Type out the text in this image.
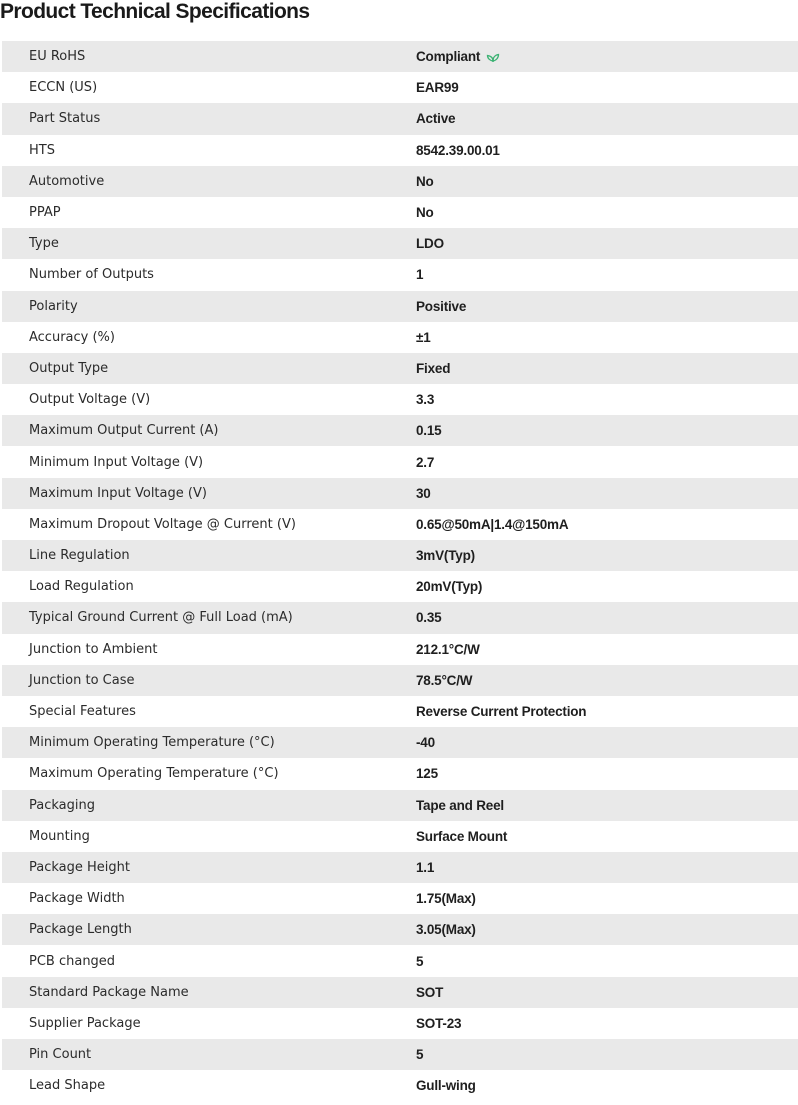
Product Technical Specifications
EU RoHS	Compliant
ECCN (US)	EAR99
Part Status	Active
HTS	8542.39.00.01
Automotive	No
PPAP	No
Type	LDO
Number of Outputs	1
Polarity	Positive
Accuracy (%)	±1
Output Type	Fixed
Output Voltage (V)	3.3
Maximum Output Current (A)	0.15
Minimum Input Voltage (V)	2.7
Maximum Input Voltage (V)	30
Maximum Dropout Voltage @ Current (V)	0.65@50mA|1.4@150mA
Line Regulation	3mV(Typ)
Load Regulation	20mV(Typ)
Typical Ground Current @ Full Load (mA)	0.35
Junction to Ambient	212.1°C/W
Junction to Case	78.5°C/W
Special Features	Reverse Current Protection
Minimum Operating Temperature (°C)	-40
Maximum Operating Temperature (°C)	125
Packaging	Tape and Reel
Mounting	Surface Mount
Package Height	1.1
Package Width	1.75(Max)
Package Length	3.05(Max)
PCB changed	5
Standard Package Name	SOT
Supplier Package	SOT-23
Pin Count	5
Lead Shape	Gull-wing
